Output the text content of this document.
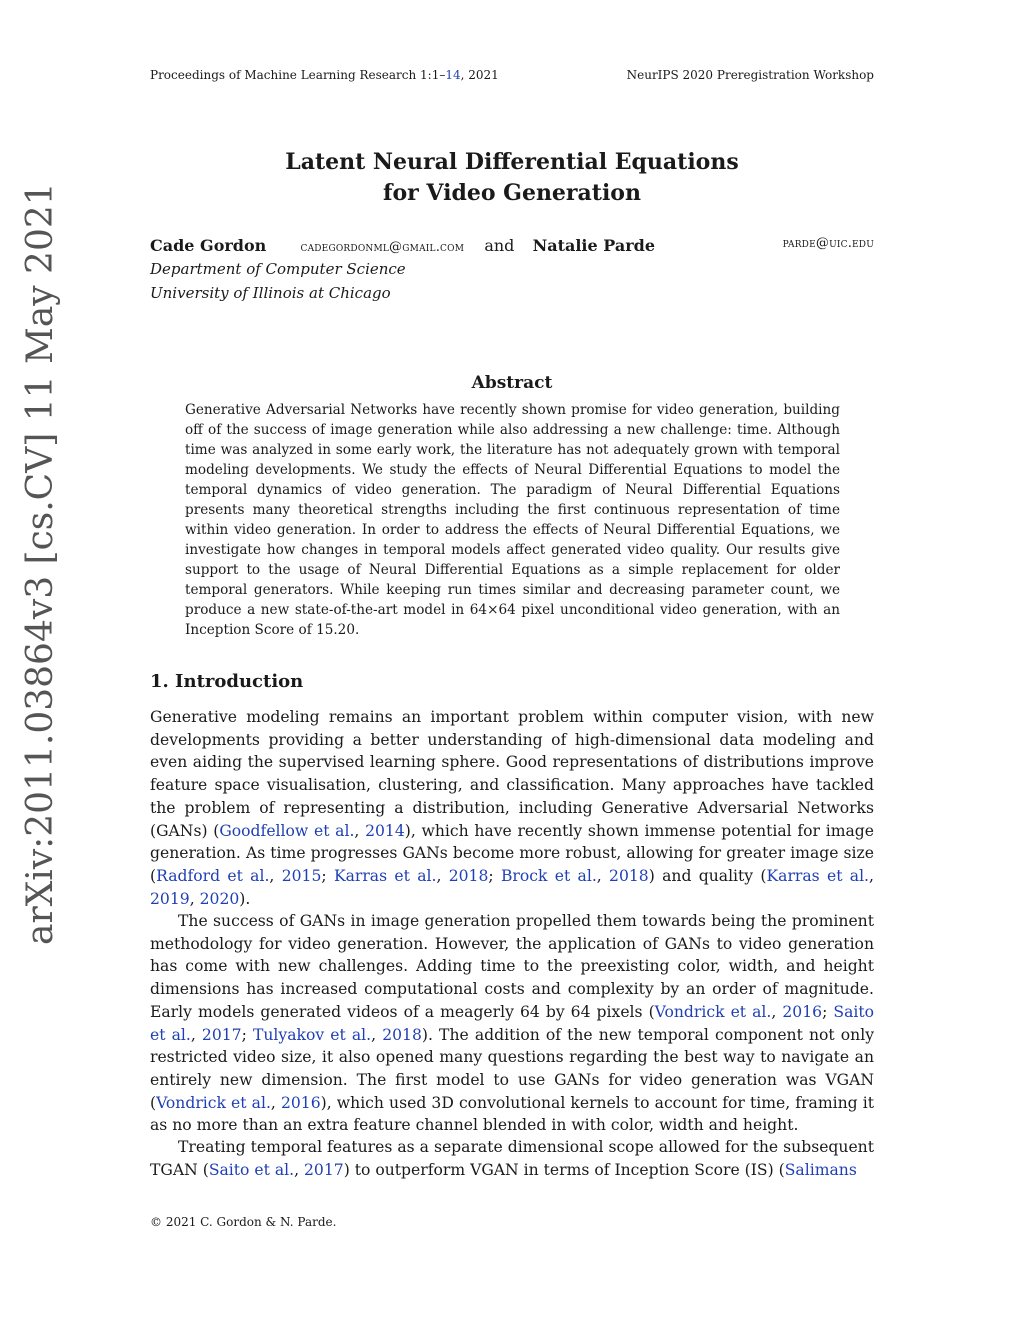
Proceedings of Machine Learning Research 1:1–14, 2021	NeurIPS 2020 Preregistration Workshop
Latent Neural Differential Equations
for Video Generation
Cade Gordon	cadegordonml@gmail.com and Natalie Parde	parde@uic.edu
Department of Computer Science
University of Illinois at Chicago
arXiv:2011.03864v3 [cs.CV] 11 May 2021	Abstract
Generative Adversarial Networks have recently shown promise for video generation, building off of the success of image generation while also addressing a new challenge: time. Although time was analyzed in some early work, the literature has not adequately grown with temporal modeling developments. We study the effects of Neural Differential Equations to model the temporal dynamics of video generation. The paradigm of Neural Differential Equations presents many theoretical strengths including the first continuous representation of time within video generation. In order to address the effects of Neural Differential Equations, we investigate how changes in temporal models affect generated video quality. Our results give support to the usage of Neural Differential Equations as a simple replacement for older temporal generators. While keeping run times similar and decreasing parameter count, we produce a new state-of-the-art model in 64×64 pixel unconditional video generation, with an Inception Score of 15.20.
1. Introduction
Generative modeling remains an important problem within computer vision, with new developments providing a better understanding of high-dimensional data modeling and even aiding the supervised learning sphere. Good representations of distributions improve feature space visualisation, clustering, and classification. Many approaches have tackled the problem of representing a distribution, including Generative Adversarial Networks (GANs) (Goodfellow et al., 2014), which have recently shown immense potential for image generation. As time progresses GANs become more robust, allowing for greater image size (Radford et al., 2015; Karras et al., 2018; Brock et al., 2018) and quality (Karras et al., 2019, 2020).
The success of GANs in image generation propelled them towards being the prominent methodology for video generation. However, the application of GANs to video generation has come with new challenges. Adding time to the preexisting color, width, and height dimensions has increased computational costs and complexity by an order of magnitude. Early models generated videos of a meagerly 64 by 64 pixels (Vondrick et al., 2016; Saito et al., 2017; Tulyakov et al., 2018). The addition of the new temporal component not only restricted video size, it also opened many questions regarding the best way to navigate an entirely new dimension. The first model to use GANs for video generation was VGAN (Vondrick et al., 2016), which used 3D convolutional kernels to account for time, framing it as no more than an extra feature channel blended in with color, width and height.
Treating temporal features as a separate dimensional scope allowed for the subsequent TGAN (Saito et al., 2017) to outperform VGAN in terms of Inception Score (IS) (Salimans
© 2021 C. Gordon & N. Parde.
